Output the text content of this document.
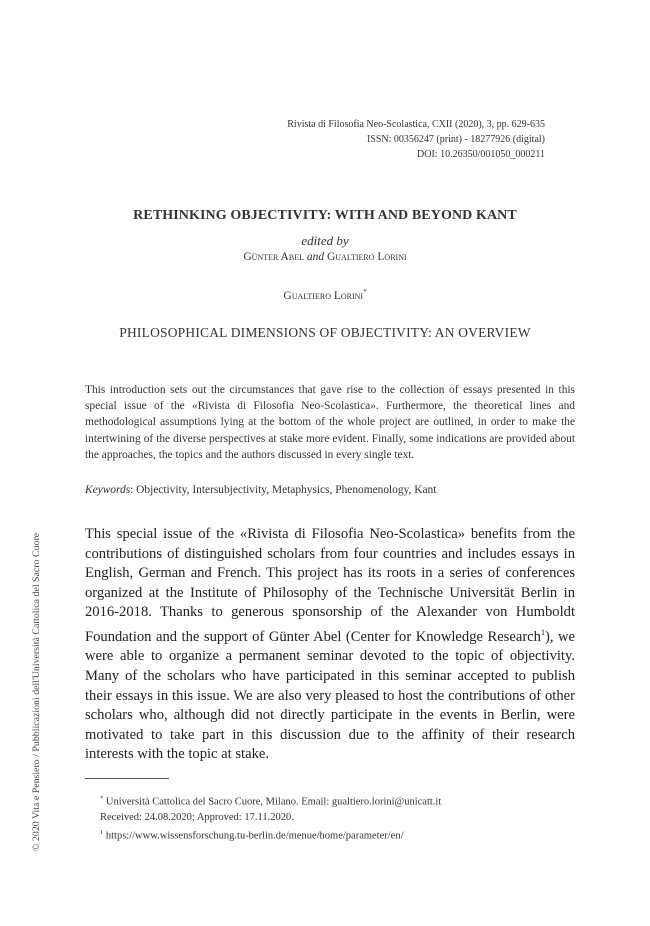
Rivista di Filosofia Neo-Scolastica, CXII (2020), 3, pp. 629-635
ISSN: 00356247 (print) - 18277926 (digital)
DOI: 10.26350/001050_000211
RETHINKING OBJECTIVITY: WITH AND BEYOND KANT
edited by
Günter Abel and Gualtiero Lorini
Gualtiero Lorini*
PHILOSOPHICAL DIMENSIONS OF OBJECTIVITY: AN OVERVIEW
This introduction sets out the circumstances that gave rise to the collection of essays presented in this special issue of the «Rivista di Filosofia Neo-Scolastica». Furthermore, the theoretical lines and methodological assumptions lying at the bottom of the whole project are outlined, in order to make the intertwining of the diverse perspectives at stake more evident. Finally, some indications are provided about the approaches, the topics and the authors discussed in every single text.
Keywords: Objectivity, Intersubjectivity, Metaphysics, Phenomenology, Kant
This special issue of the «Rivista di Filosofia Neo-Scolastica» benefits from the contributions of distinguished scholars from four countries and includes essays in English, German and French. This project has its roots in a series of conferences organized at the Institute of Philosophy of the Technische Universität Berlin in 2016-2018. Thanks to generous sponsorship of the Alexander von Humboldt Foundation and the support of Günter Abel (Center for Knowledge Research$^1$), we were able to organize a permanent seminar devoted to the topic of objectivity. Many of the scholars who have participated in this seminar accepted to publish their essays in this issue. We are also very pleased to host the contributions of other scholars who, although did not directly participate in the events in Berlin, were motivated to take part in this discussion due to the affinity of their research interests with the topic at stake.
* Università Cattolica del Sacro Cuore, Milano. Email: gualtiero.lorini@unicatt.it
Received: 24.08.2020; Approved: 17.11.2020.
$^1$ https://www.wissensforschung.tu-berlin.de/menue/home/parameter/en/
© 2020 Vita e Pensiero / Pubblicazioni dell'Università Cattolica del Sacro Cuore
